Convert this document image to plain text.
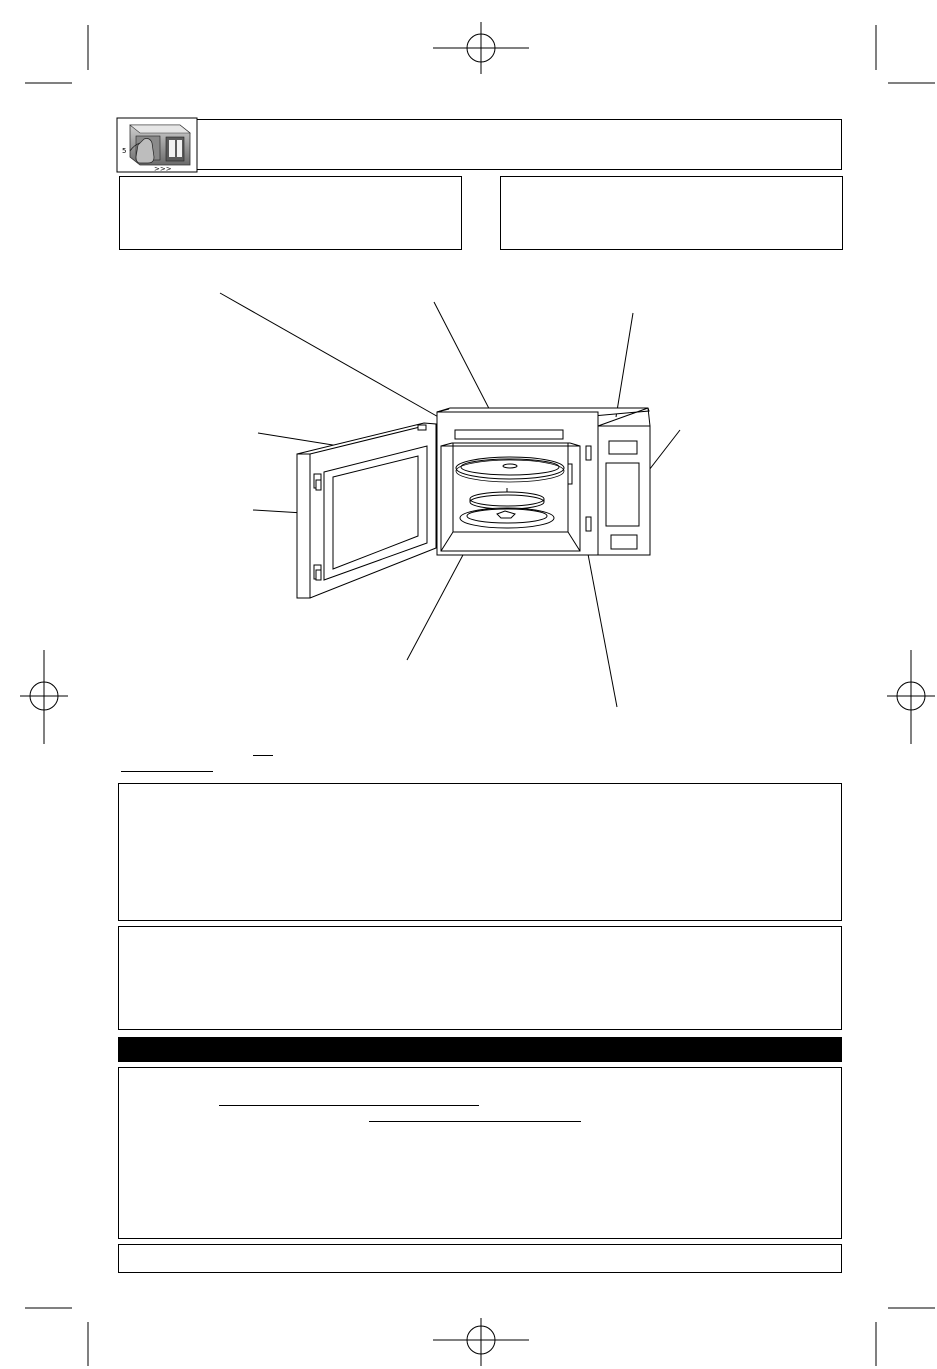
5
>>>
